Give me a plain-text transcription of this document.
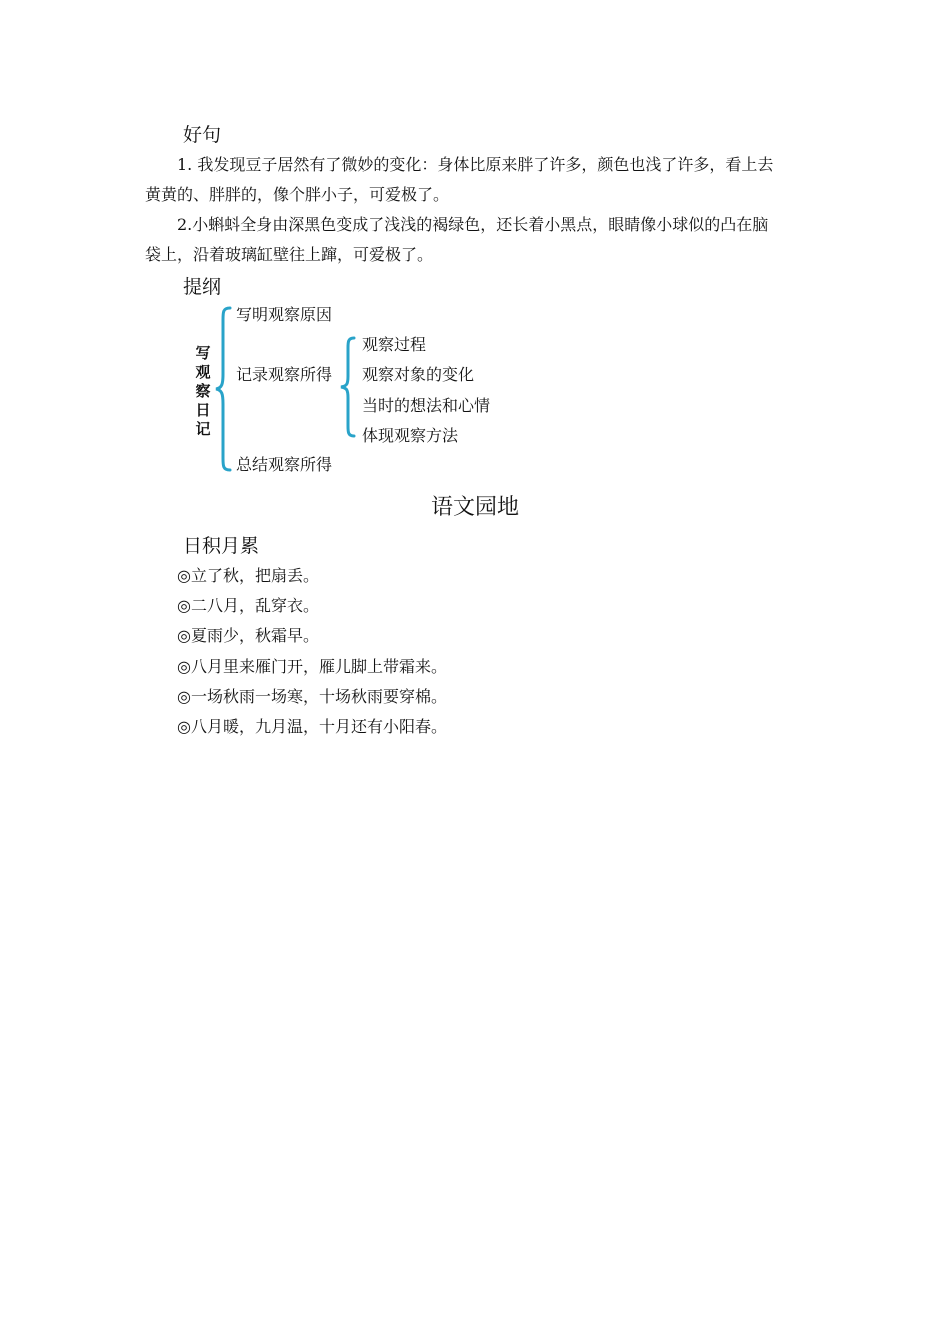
好句
1. 我发现豆子居然有了微妙的变化：身体比原来胖了许多，颜色也浅了许多，看上去
黄黄的、胖胖的，像个胖小子，可爱极了。
2.小蝌蚪全身由深黑色变成了浅浅的褐绿色，还长着小黑点，眼睛像小球似的凸在脑
袋上，沿着玻璃缸壁往上蹿，可爱极了。
提纲
写
观
察
日
记
写明观察原因
记录观察所得
总结观察所得
观察过程
观察对象的变化
当时的想法和心情
体现观察方法
语文园地
日积月累
◎立了秋，把扇丢。
◎二八月，乱穿衣。
◎夏雨少，秋霜早。
◎八月里来雁门开，雁儿脚上带霜来。
◎一场秋雨一场寒，十场秋雨要穿棉。
◎八月暖，九月温，十月还有小阳春。
